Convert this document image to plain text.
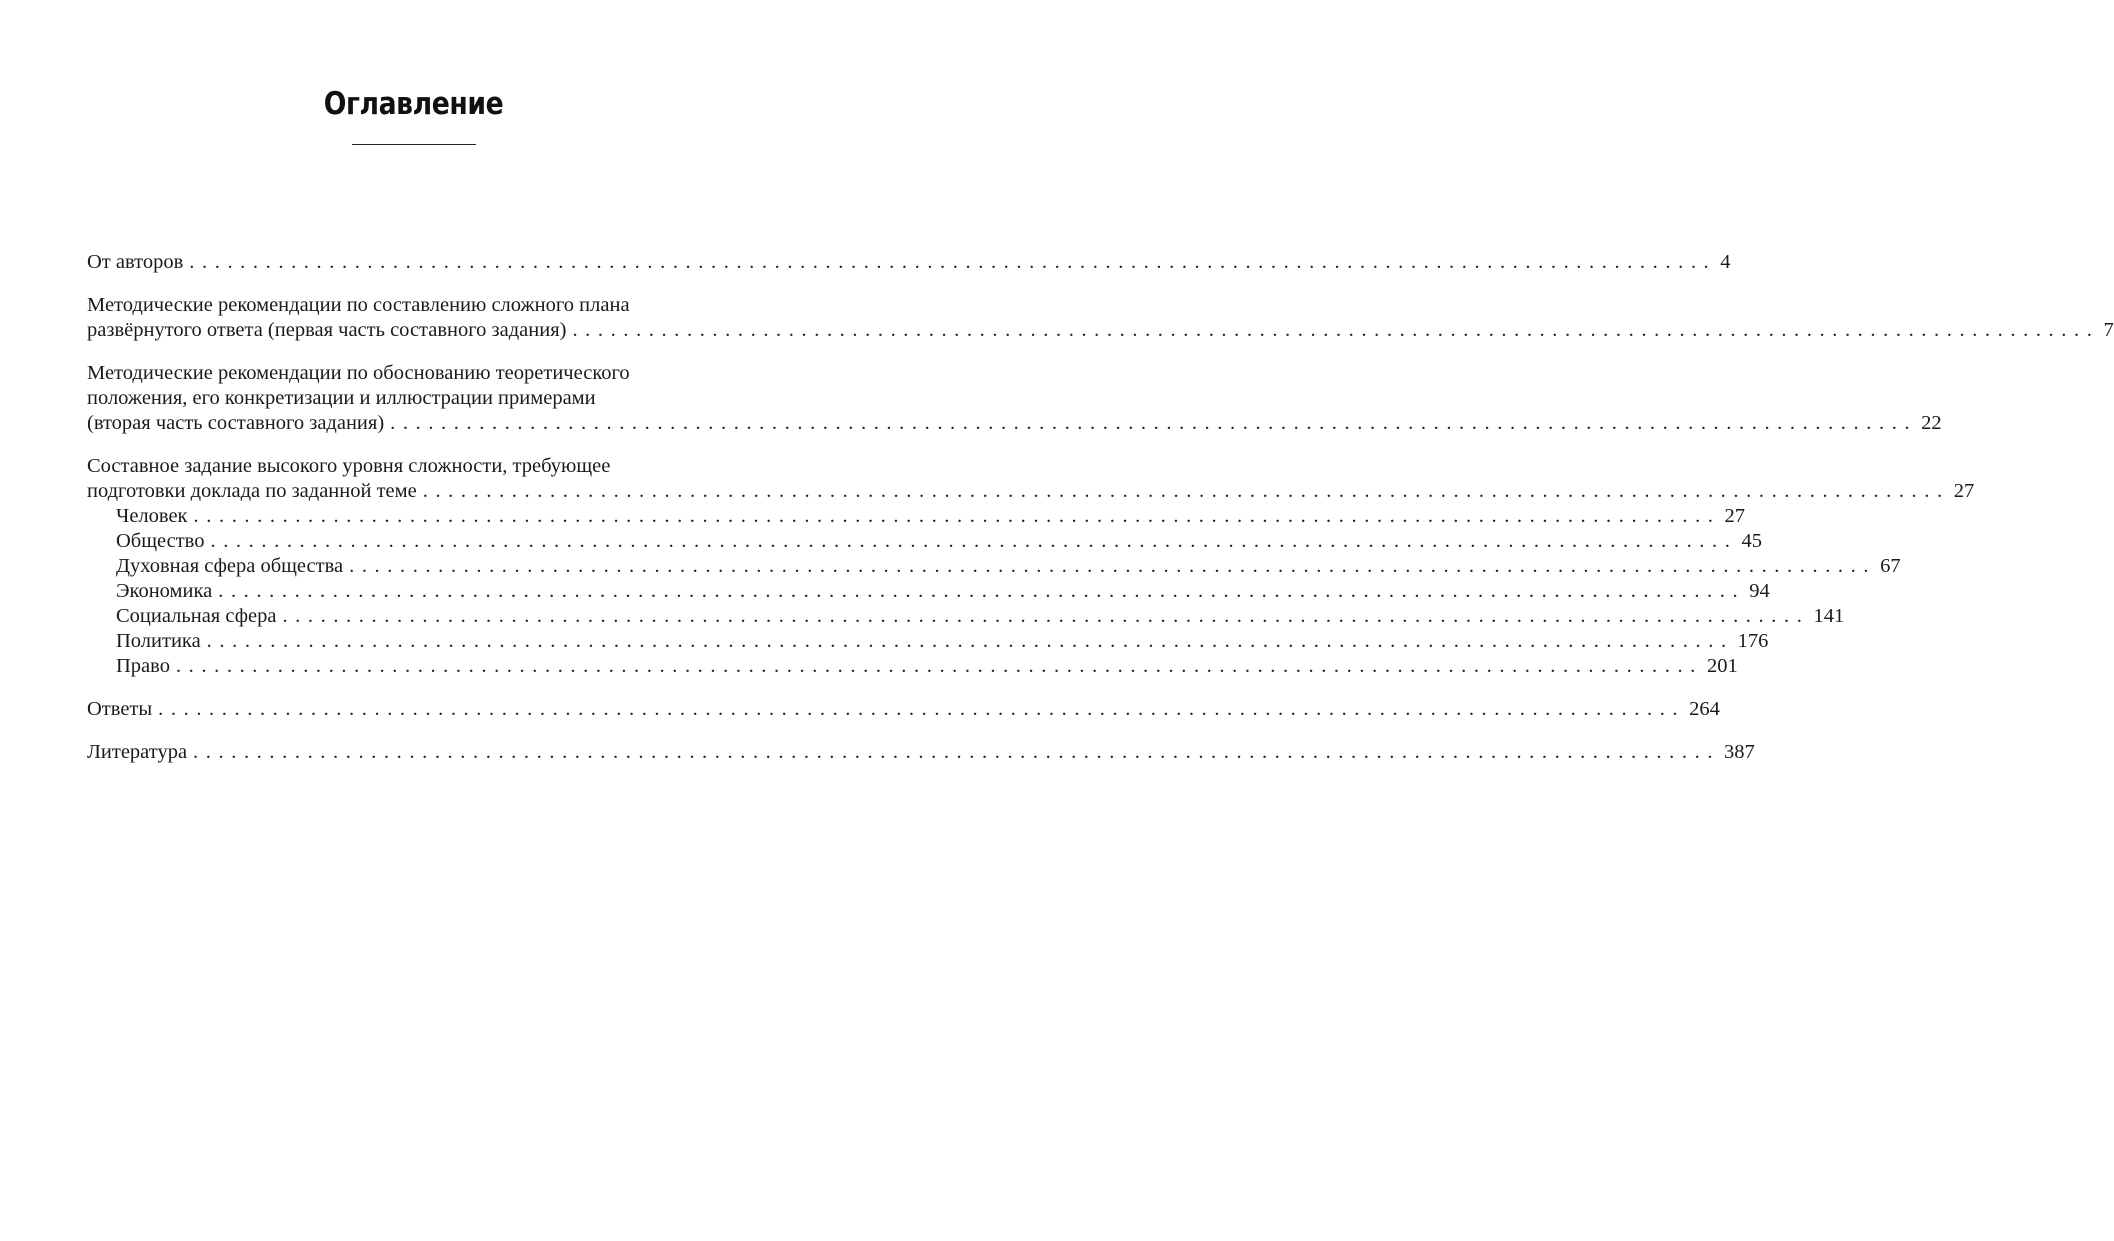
Оглавление
От авторов ........................................................................................................................ 4
Методические рекомендации по составлению сложного плана
развёрнутого ответа (первая часть составного задания) ........................................................................................................................ 7
Методические рекомендации по обоснованию теоретического
положения, его конкретизации и иллюстрации примерами
(вторая часть составного задания) ........................................................................................................................ 22
Составное задание высокого уровня сложности, требующее
подготовки доклада по заданной теме ........................................................................................................................ 27
Человек ........................................................................................................................ 27
Общество ........................................................................................................................ 45
Духовная сфера общества ........................................................................................................................ 67
Экономика ........................................................................................................................ 94
Социальная сфера ........................................................................................................................ 141
Политика ........................................................................................................................ 176
Право ........................................................................................................................ 201
Ответы ........................................................................................................................ 264
Литература ........................................................................................................................ 387
